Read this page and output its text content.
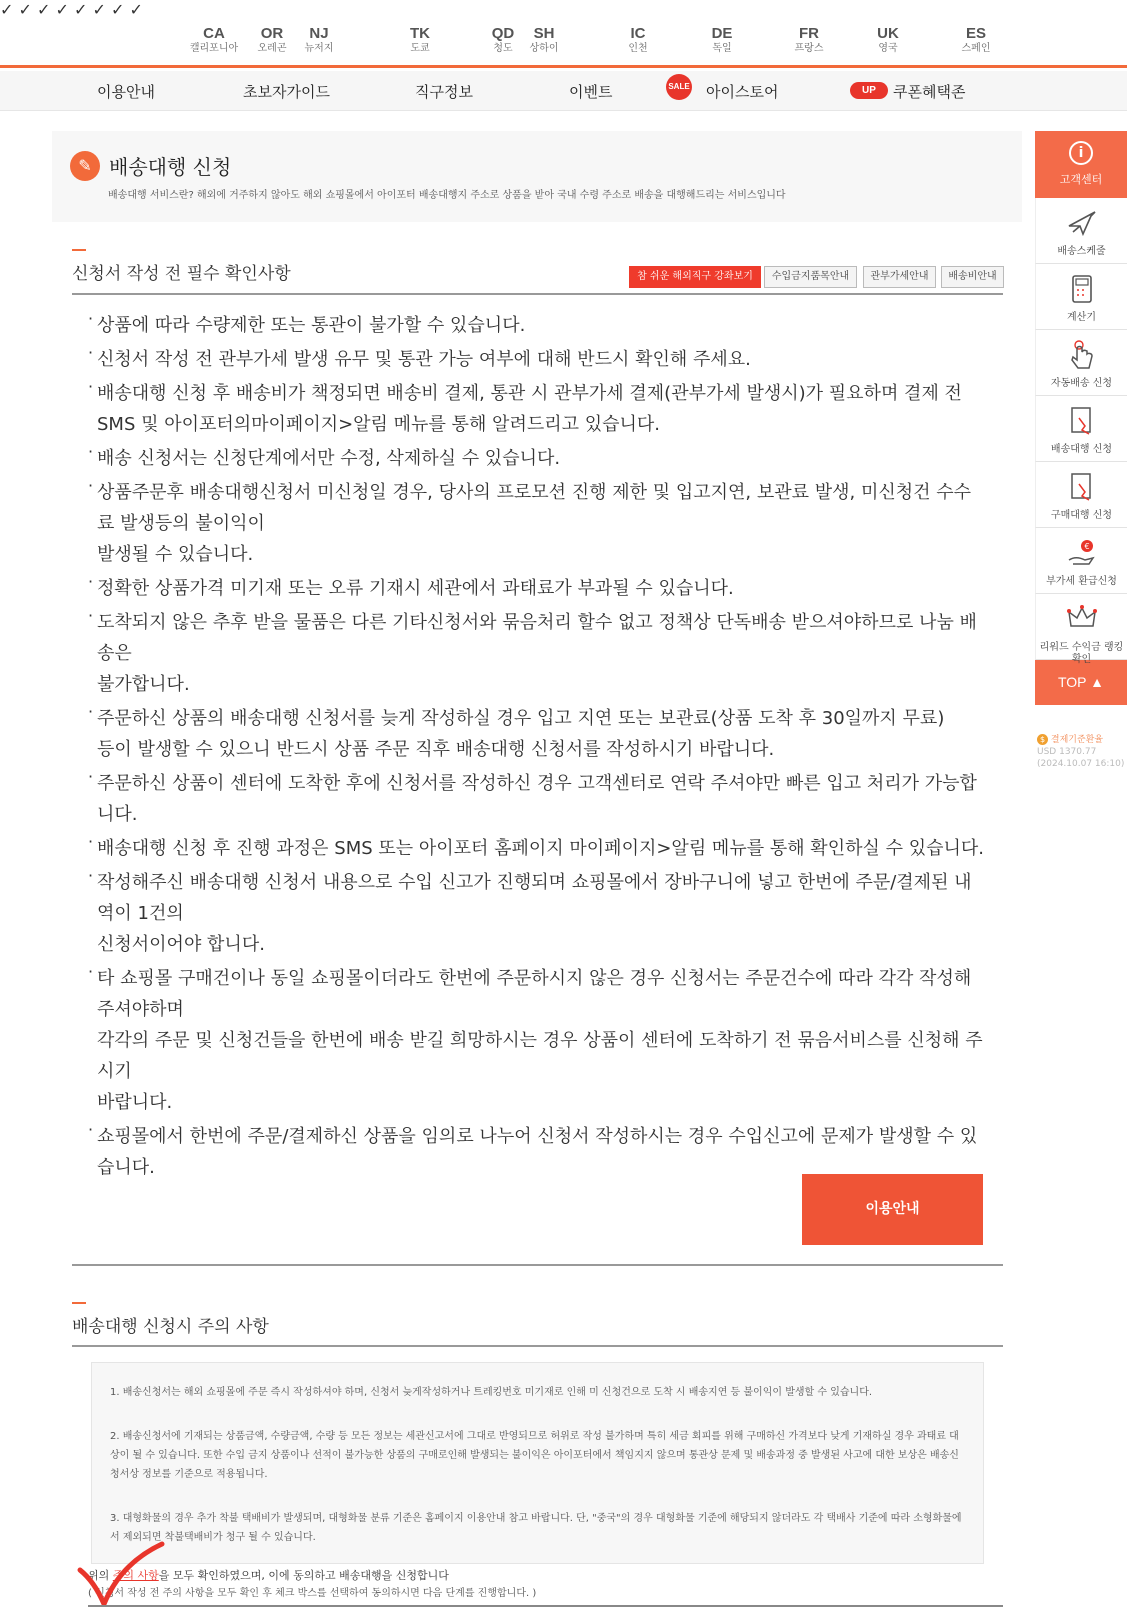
CA
캘리포니아
OR
오레곤
NJ
뉴저지
✓
TK
도쿄
✓
QD
청도
SH
상하이
✓
IC
인천
✓
DE
독일
✓
FR
프랑스
✓
UK
영국
✓
ES
스페인
✓
이용안내	초보자가이드	직구정보	이벤트	SALE 아이스토어	UP	쿠폰혜택존
✎ 배송대행 신청
배송대행 서비스란? 해외에 거주하지 않아도 해외 쇼핑몰에서 아이포터 배송대행지 주소로 상품을 받아 국내 수령 주소로 배송을 대행해드리는 서비스입니다
신청서 작성 전 필수 확인사항	참 쉬운 해외직구 강좌보기	수입금지품목안내	관부가세안내	배송비안내
· 상품에 따라 수량제한 또는 통관이 불가할 수 있습니다.
· 신청서 작성 전 관부가세 발생 유무 및 통관 가능 여부에 대해 반드시 확인해 주세요.
· 배송대행 신청 후 배송비가 책정되면 배송비 결제, 통관 시 관부가세 결제(관부가세 발생시)가 필요하며 결제 전
SMS 및 아이포터의마이페이지>알림 메뉴를 통해 알려드리고 있습니다.
· 배송 신청서는 신청단계에서만 수정, 삭제하실 수 있습니다.
· 상품주문후 배송대행신청서 미신청일 경우, 당사의 프로모션 진행 제한 및 입고지연, 보관료 발생, 미신청건 수수료 발생등의 불이익이
발생될 수 있습니다.
· 정확한 상품가격 미기재 또는 오류 기재시 세관에서 과태료가 부과될 수 있습니다.
· 도착되지 않은 추후 받을 물품은 다른 기타신청서와 묶음처리 할수 없고 정책상 단독배송 받으셔야하므로 나눔 배송은
불가합니다.
· 주문하신 상품의 배송대행 신청서를 늦게 작성하실 경우 입고 지연 또는 보관료(상품 도착 후 30일까지 무료)
등이 발생할 수 있으니 반드시 상품 주문 직후 배송대행 신청서를 작성하시기 바랍니다.
· 주문하신 상품이 센터에 도착한 후에 신청서를 작성하신 경우 고객센터로 연락 주셔야만 빠른 입고 처리가 가능합니다.
· 배송대행 신청 후 진행 과정은 SMS 또는 아이포터 홈페이지 마이페이지>알림 메뉴를 통해 확인하실 수 있습니다.
· 작성해주신 배송대행 신청서 내용으로 수입 신고가 진행되며 쇼핑몰에서 장바구니에 넣고 한번에 주문/결제된 내역이 1건의
신청서이어야 합니다.
· 타 쇼핑몰 구매건이나 동일 쇼핑몰이더라도 한번에 주문하시지 않은 경우 신청서는 주문건수에 따라 각각 작성해주셔야하며
각각의 주문 및 신청건들을 한번에 배송 받길 희망하시는 경우 상품이 센터에 도착하기 전 묶음서비스를 신청해 주시기
바랍니다.
· 쇼핑몰에서 한번에 주문/결제하신 상품을 임의로 나누어 신청서 작성하시는 경우 수입신고에 문제가 발생할 수 있습니다.
이용안내
배송대행 신청시 주의 사항

1. 배송신청서는 해외 쇼핑몰에 주문 즉시 작성하셔야 하며, 신청서 늦게작성하거나 트레킹번호 미기재로 인해 미 신청건으로 도착 시 배송지연 등 불이익이 발생할 수 있습니다.

2. 배송신청서에 기재되는 상품금액, 수량금액, 수량 등 모든 정보는 세관신고서에 그대로 반영되므로 허위로 작성 불가하며 특히 세금 회피를 위해 구매하신 가격보다 낮게 기재하실 경우 과태료 대상이 될 수 있습니다. 또한 수입 금지 상품이나 선적이 불가능한 상품의 구매로인해 발생되는 불이익은 아이포터에서 책임지지 않으며 통관상 문제 및 배송과정 중 발생된 사고에 대한 보상은 배송신청서상 정보를 기준으로 적용됩니다.

3. 대형화물의 경우 추가 착불 택배비가 발생되며, 대형화물 분류 기준은 홈페이지 이용안내 참고 바랍니다. 단, "중국"의 경우 대형화물 기준에 해당되지 않더라도 각 택배사 기준에 따라 소형화물에서 제외되면 착불택배비가 청구 될 수 있습니다.

위의 주의 사항을 모두 확인하였으며, 이에 동의하고 배송대행을 신청합니다
( 신청서 작성 전 주의 사항을 모두 확인 후 체크 박스를 선택하여 동의하시면 다음 단계를 진행합니다. )
i
고객센터
배송스케줄
계산기
자동배송 신청
배송대행 신청
구매대행 신청
€
부가세 환급신청
리워드 수익금 랭킹
TOP ▲
$ 결제기준환율
USD 1370.77
(2024.10.07 16:10)
